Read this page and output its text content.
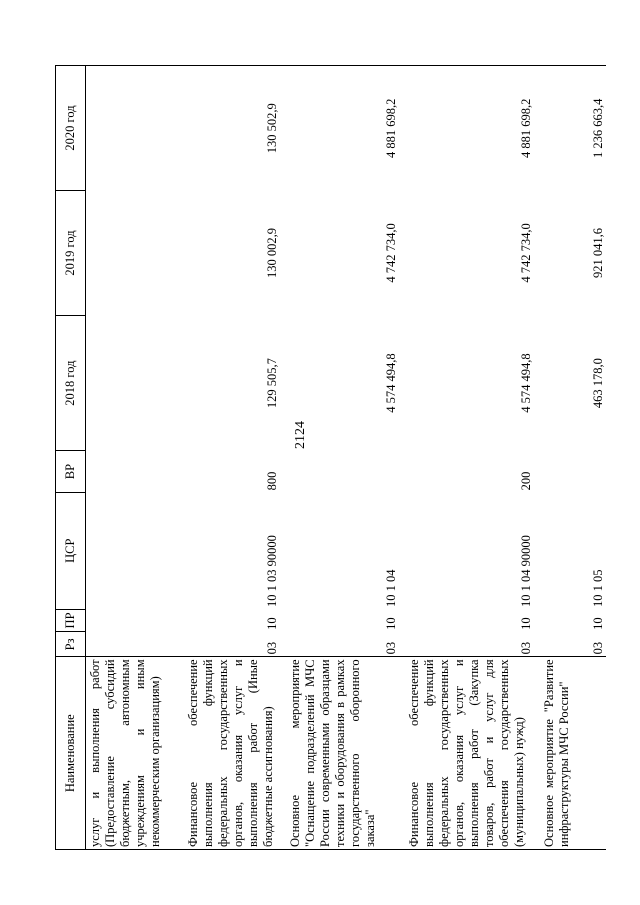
2124
Наименование	Рз	ПР	ЦСР	ВР	2018 год	2019 год	2020 год

услуг и выполнения работ (Предоставление субсидий бюджетным, автономным учреждениям и иным некоммерческим организациям)							

Финансовое обеспечение выполнения функций федеральных государственных органов, оказания услуг и выполнения работ (Иные бюджетные ассигнования)	03	10	10 1 03 90000	800	129 505,7	130 002,9	130 502,9

Основное мероприятие "Оснащение подразделений МЧС России современными образцами техники и оборудования в рамках государственного оборонного заказа"	03	10	10 1 04		4 574 494,8	4 742 734,0	4 881 698,2

Финансовое обеспечение выполнения функций федеральных государственных органов, оказания услуг и выполнения работ (Закупка товаров, работ и услуг для обеспечения государственных (муниципальных) нужд)	03	10	10 1 04 90000	200	4 574 494,8	4 742 734,0	4 881 698,2

Основное мероприятие "Развитие инфраструктуры МЧС России"	03	10	10 1 05		463 178,0	921 041,6	1 236 663,4
